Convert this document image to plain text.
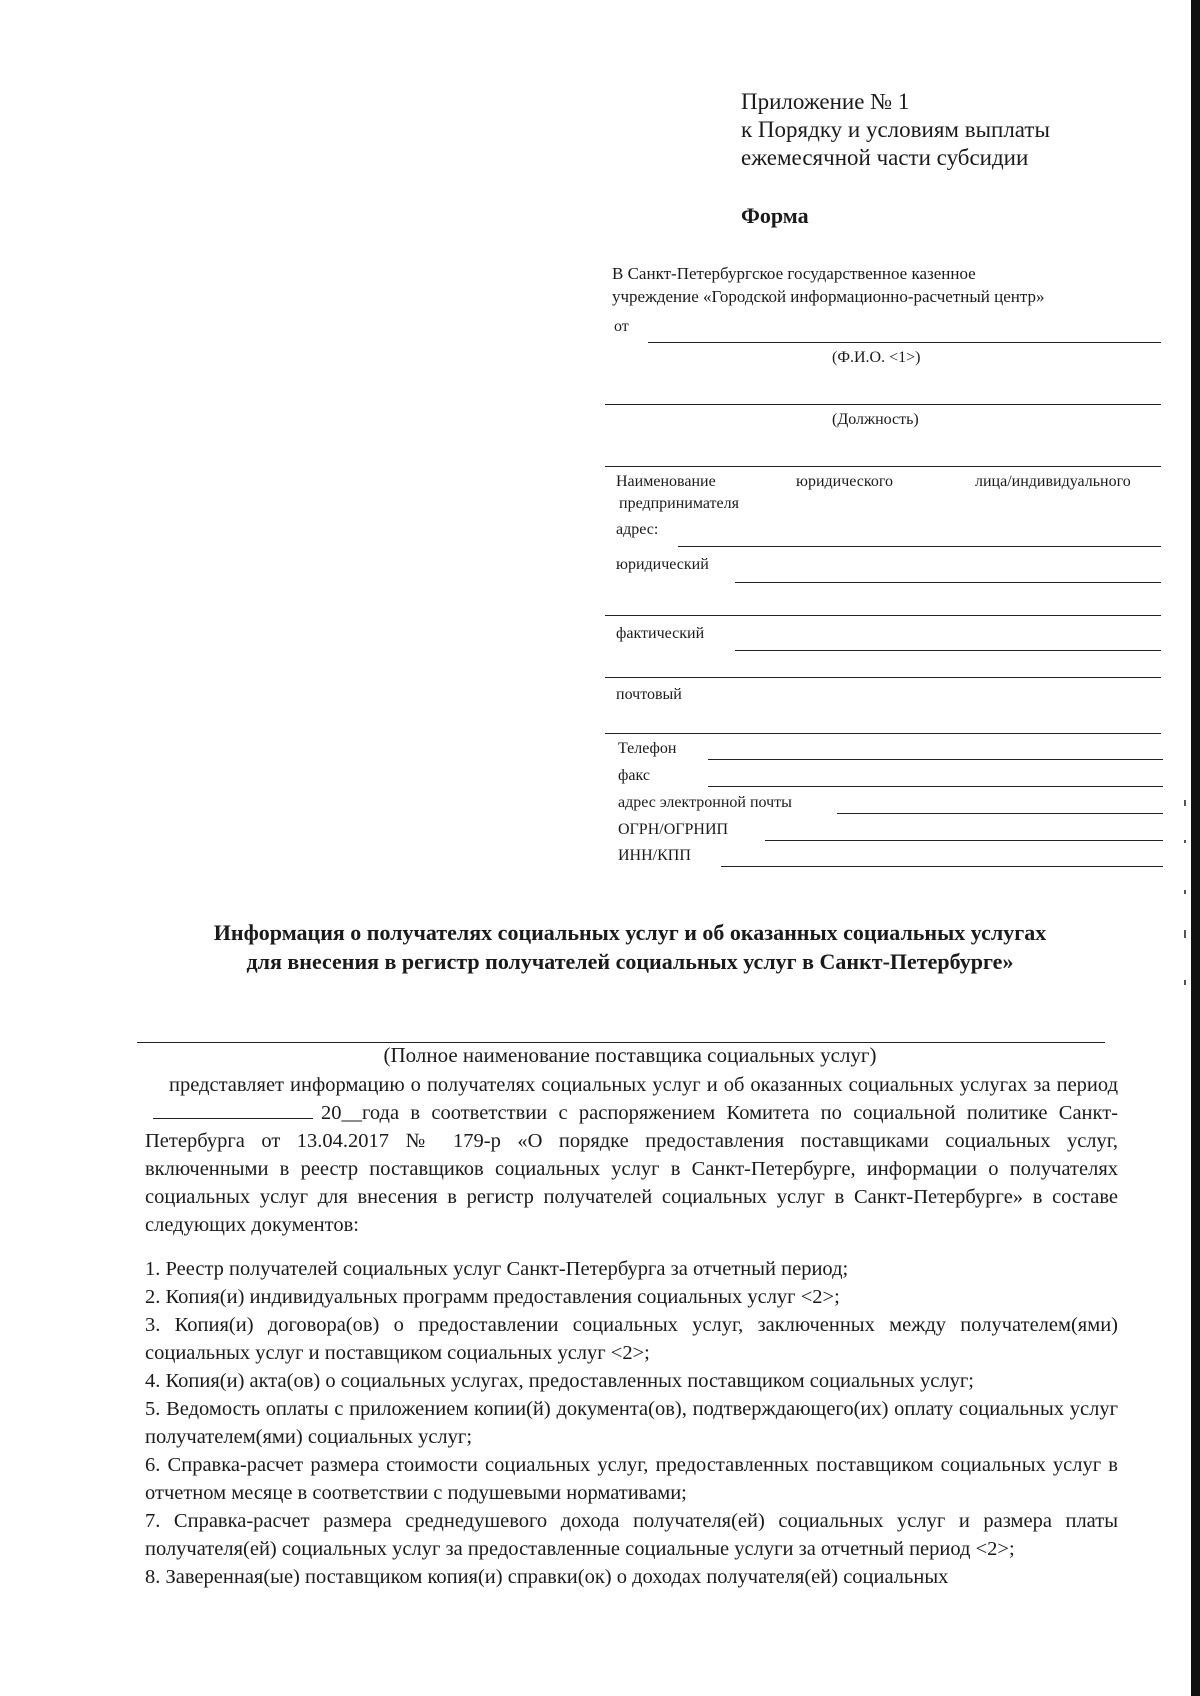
Приложение № 1
к Порядку и условиям выплаты
ежемесячной части субсидии
Форма
В Санкт-Петербургское государственное казенное
учреждение «Городской информационно-расчетный центр»
от
(Ф.И.О. <1>)
(Должность)
Наименование	юридического	лица/индивидуального
предпринимателя
адрес:
юридический
фактический
почтовый
Телефон
факс
адрес электронной почты
ОГРН/ОГРНИП
ИНН/КПП
Информация о получателях социальных услуг и об оказанных социальных услугах
для внесения в регистр получателей социальных услуг в Санкт-Петербурге»
(Полное наименование поставщика социальных услуг)

представляет информацию о получателях социальных услуг и об оказанных социальных услугах за период20__года в соответствии с распоряжением Комитета по социальной политике Санкт-Петербурга от 13.04.2017 № 179-р «О порядке предоставления поставщиками социальных услуг, включенными в реестр поставщиков социальных услуг в Санкт-Петербурге, информации о получателях социальных услуг для внесения в регистр получателей социальных услуг в Санкт-Петербурге» в составе следующих документов:

1. Реестр получателей социальных услуг Санкт-Петербурга за отчетный период;

2. Копия(и) индивидуальных программ предоставления социальных услуг <2>;

3. Копия(и) договора(ов) о предоставлении социальных услуг, заключенных между получателем(ями) социальных услуг и поставщиком социальных услуг <2>;

4. Копия(и) акта(ов) о социальных услугах, предоставленных поставщиком социальных услуг;

5. Ведомость оплаты с приложением копии(й) документа(ов), подтверждающего(их) оплату социальных услуг получателем(ями) социальных услуг;

6. Справка-расчет размера стоимости социальных услуг, предоставленных поставщиком социальных услуг в отчетном месяце в соответствии с подушевыми нормативами;

7. Справка-расчет размера среднедушевого дохода получателя(ей) социальных услуг и размера платы получателя(ей) социальных услуг за предоставленные социальные услуги за отчетный период <2>;

8. Заверенная(ые) поставщиком копия(и) справки(ок) о доходах получателя(ей) социальных
